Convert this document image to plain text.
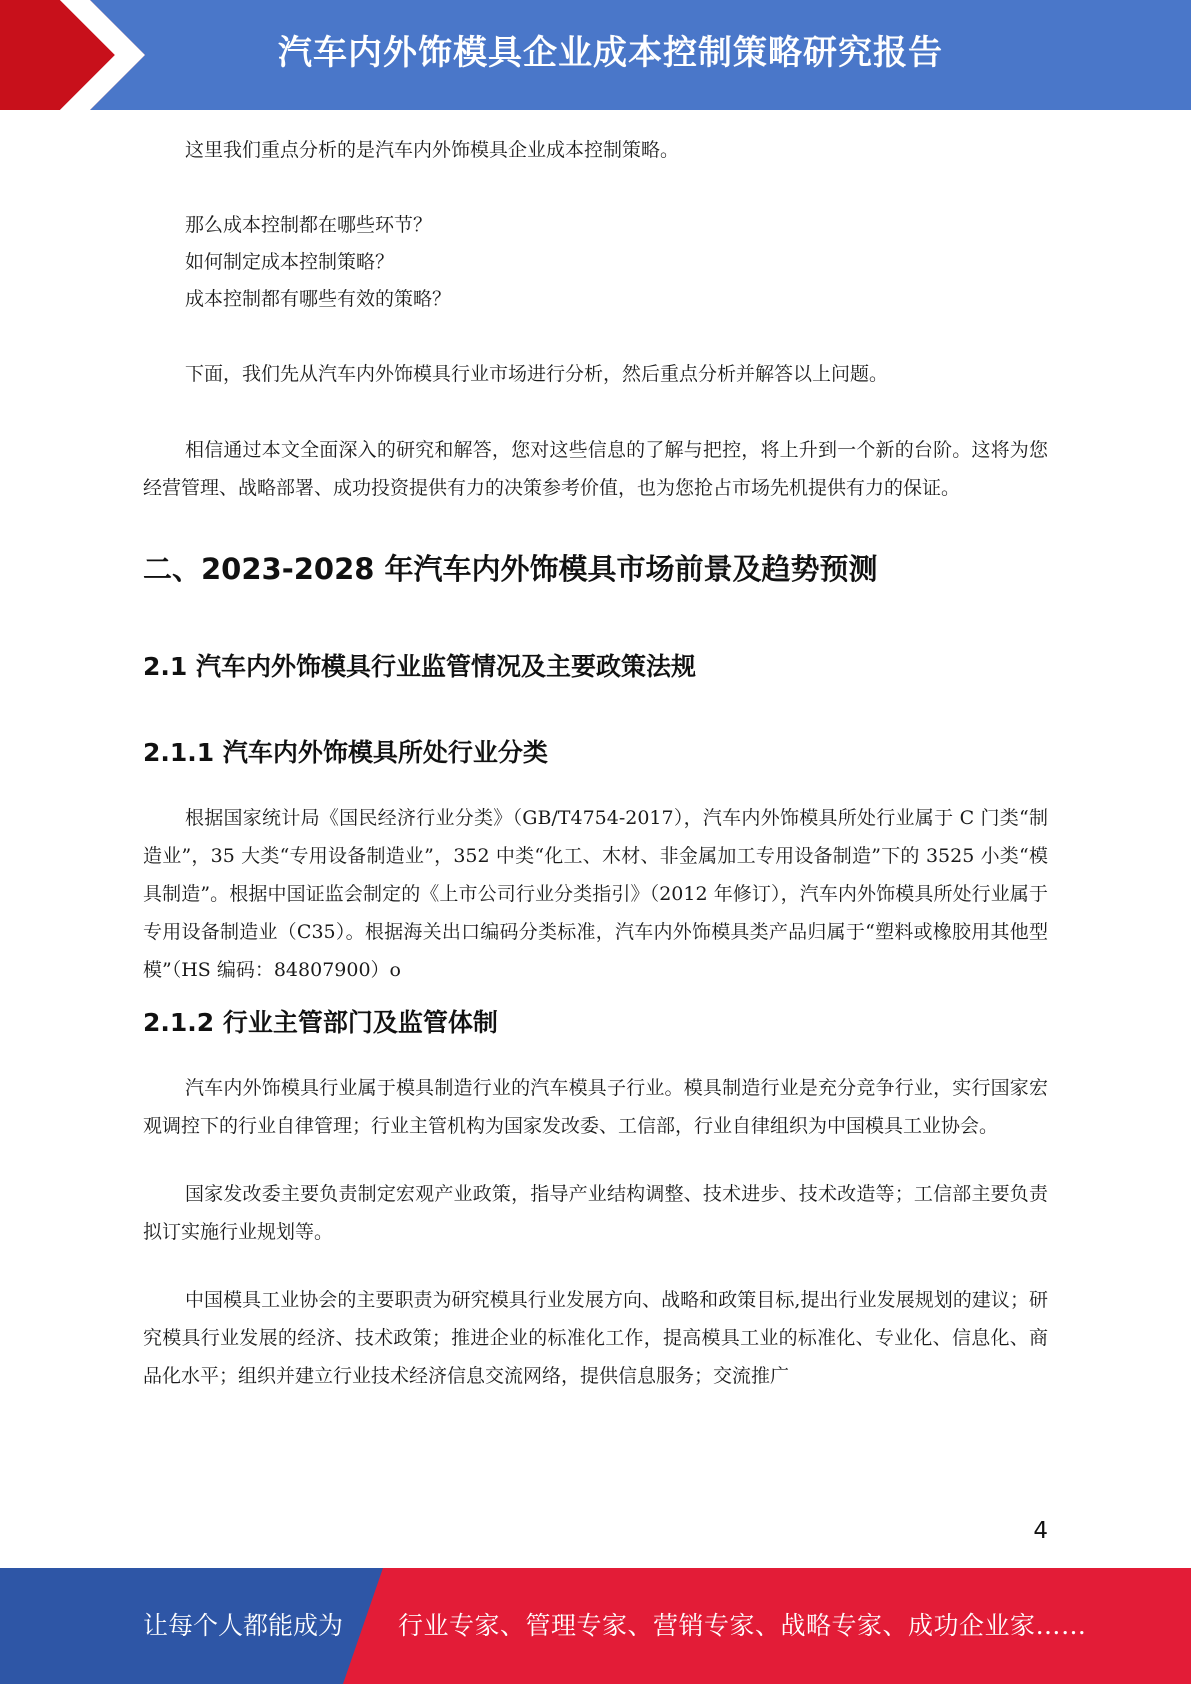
汽车内外饰模具企业成本控制策略研究报告

这里我们重点分析的是汽车内外饰模具企业成本控制策略。

那么成本控制都在哪些环节？

如何制定成本控制策略？

成本控制都有哪些有效的策略？

下面，我们先从汽车内外饰模具行业市场进行分析，然后重点分析并解答以上问题。

相信通过本文全面深入的研究和解答，您对这些信息的了解与把控，将上升到一个新的台阶。这将为您经营管理、战略部署、成功投资提供有力的决策参考价值，也为您抢占市场先机提供有力的保证。

二、2023-2028 年汽车内外饰模具市场前景及趋势预测
2.1 汽车内外饰模具行业监管情况及主要政策法规
2.1.1 汽车内外饰模具所处行业分类

根据国家统计局《国民经济行业分类》（GB/T4754-2017），汽车内外饰模具所处行业属于 C 门类“制造业”，35 大类“专用设备制造业”，352 中类“化工、木材、非金属加工专用设备制造”下的 3525 小类“模具制造”。根据中国证监会制定的《上市公司行业分类指引》（2012 年修订），汽车内外饰模具所处行业属于专用设备制造业（C35）。根据海关出口编码分类标准，汽车内外饰模具类产品归属于“塑料或橡胶用其他型模”（HS 编码：84807900）o

2.1.2 行业主管部门及监管体制

汽车内外饰模具行业属于模具制造行业的汽车模具子行业。模具制造行业是充分竞争行业，实行国家宏观调控下的行业自律管理；行业主管机构为国家发改委、工信部，行业自律组织为中国模具工业协会。

国家发改委主要负责制定宏观产业政策，指导产业结构调整、技术进步、技术改造等；工信部主要负责拟订实施行业规划等。

中国模具工业协会的主要职责为研究模具行业发展方向、战略和政策目标,提出行业发展规划的建议；研究模具行业发展的经济、技术政策；推进企业的标准化工作，提高模具工业的标准化、专业化、信息化、商品化水平；组织并建立行业技术经济信息交流网络，提供信息服务；交流推广

4
让每个人都能成为 行业专家、管理专家、营销专家、战略专家、成功企业家……
